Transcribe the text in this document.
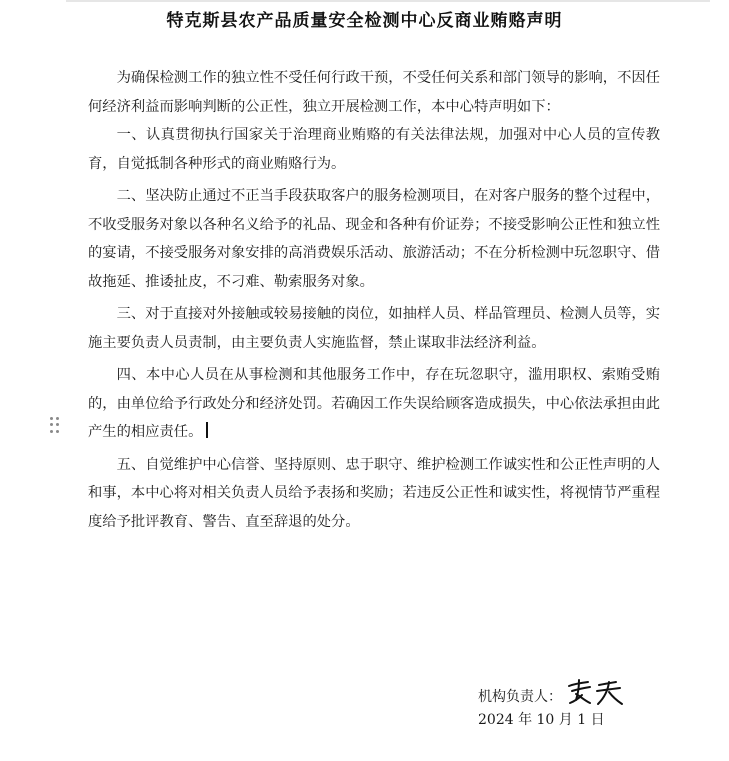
特克斯县农产品质量安全检测中心反商业贿赂声明

为确保检测工作的独立性不受任何行政干预，不受任何关系和部门领导的影响，不因任何经济利益而影响判断的公正性，独立开展检测工作，本中心特声明如下：

一、认真贯彻执行国家关于治理商业贿赂的有关法律法规，加强对中心人员的宣传教育，自觉抵制各种形式的商业贿赂行为。

二、坚决防止通过不正当手段获取客户的服务检测项目，在对客户服务的整个过程中，不收受服务对象以各种名义给予的礼品、现金和各种有价证券；不接受影响公正性和独立性的宴请，不接受服务对象安排的高消费娱乐活动、旅游活动；不在分析检测中玩忽职守、借故拖延、推诿扯皮，不刁难、勒索服务对象。

三、对于直接对外接触或较易接触的岗位，如抽样人员、样品管理员、检测人员等，实施主要负责人员责制，由主要负责人实施监督，禁止谋取非法经济利益。

四、本中心人员在从事检测和其他服务工作中，存在玩忽职守，滥用职权、索贿受贿的，由单位给予行政处分和经济处罚。若确因工作失误给顾客造成损失，中心依法承担由此产生的相应责任。

五、自觉维护中心信誉、坚持原则、忠于职守、维护检测工作诚实性和公正性声明的人和事，本中心将对相关负责人员给予表扬和奖励；若违反公正性和诚实性，将视情节严重程度给予批评教育、警告、直至辞退的处分。

机构负责人：
2024 年 10 月 1 日
